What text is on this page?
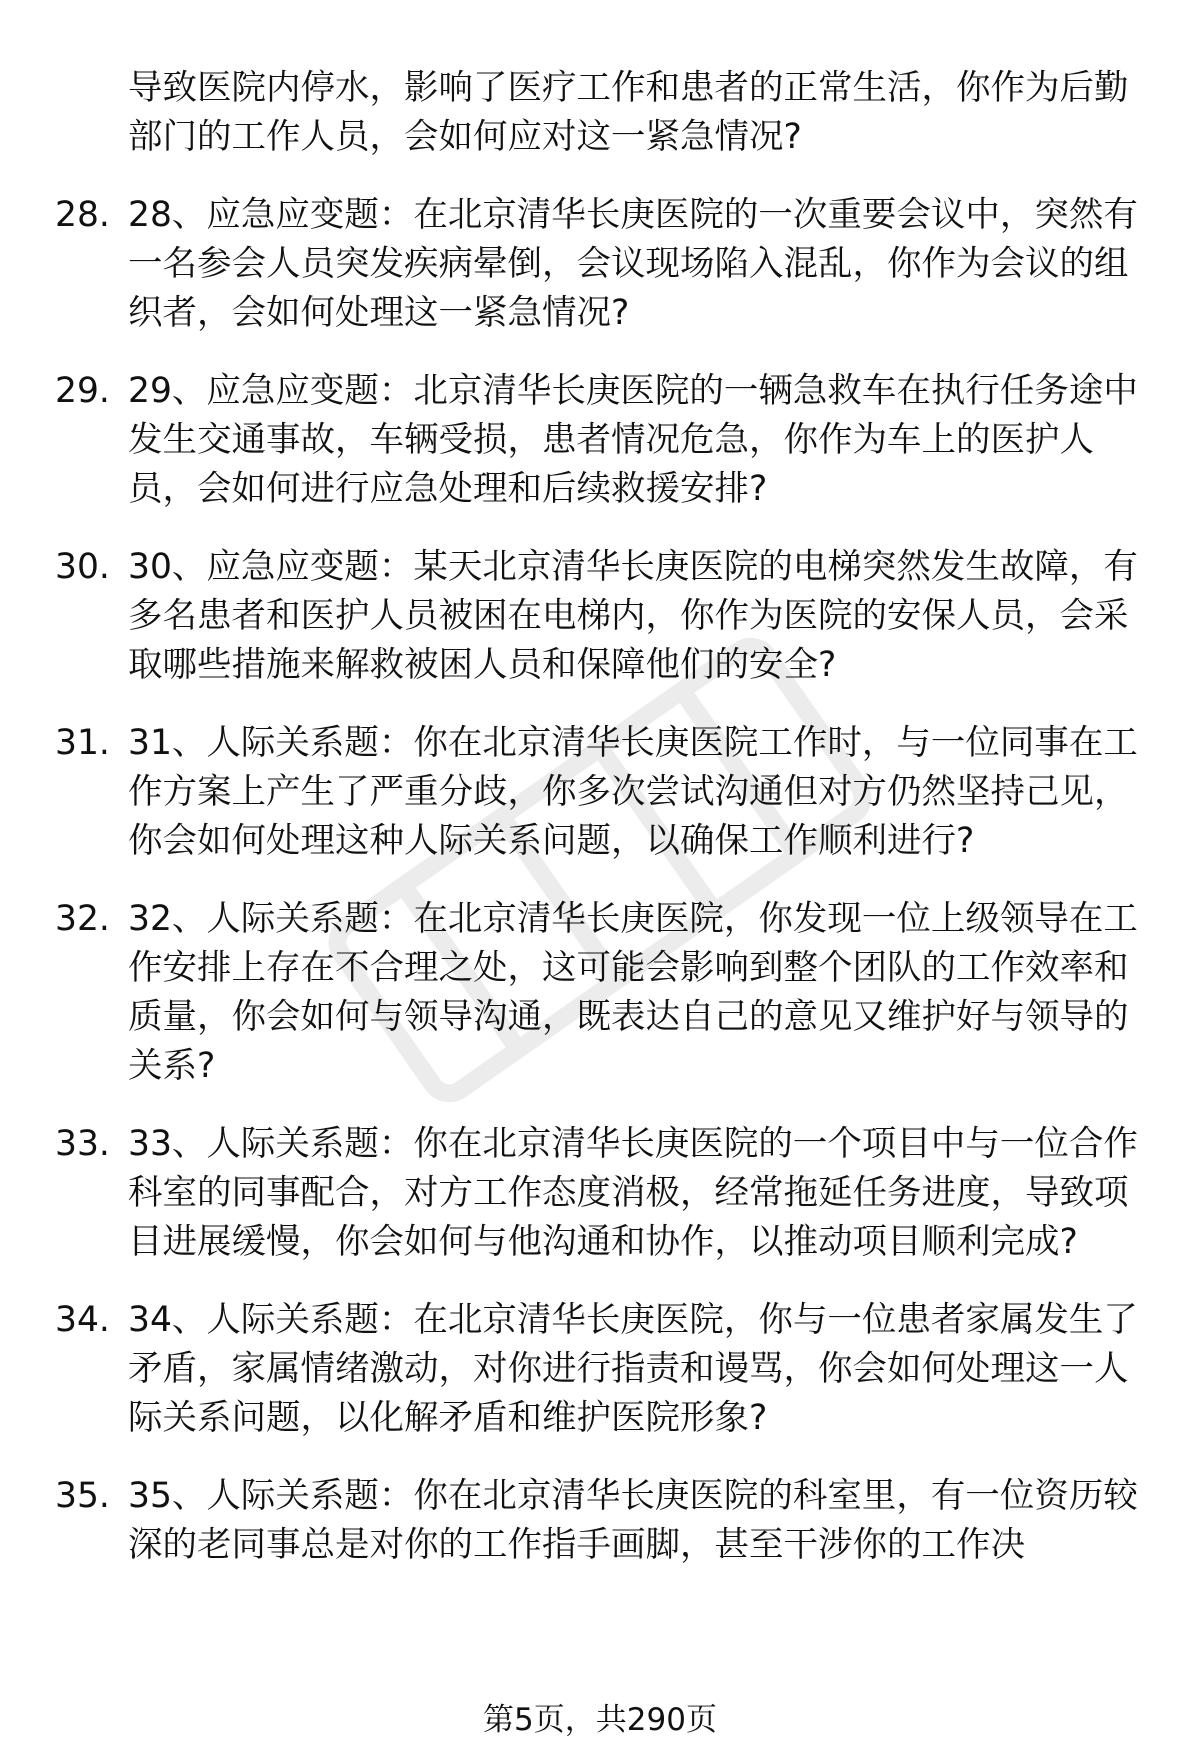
导致医院内停水，影响了医疗工作和患者的正常生活，你作为后勤部门的工作人员，会如何应对这一紧急情况?
28. 28、应急应变题：在北京清华长庚医院的一次重要会议中，突然有一名参会人员突发疾病晕倒，会议现场陷入混乱，你作为会议的组织者，会如何处理这一紧急情况?
29. 29、应急应变题：北京清华长庚医院的一辆急救车在执行任务途中发生交通事故，车辆受损，患者情况危急，你作为车上的医护人员，会如何进行应急处理和后续救援安排?
30. 30、应急应变题：某天北京清华长庚医院的电梯突然发生故障，有多名患者和医护人员被困在电梯内，你作为医院的安保人员，会采取哪些措施来解救被困人员和保障他们的安全?
31. 31、人际关系题：你在北京清华长庚医院工作时，与一位同事在工作方案上产生了严重分歧，你多次尝试沟通但对方仍然坚持己见，你会如何处理这种人际关系问题，以确保工作顺利进行?
32. 32、人际关系题：在北京清华长庚医院，你发现一位上级领导在工作安排上存在不合理之处，这可能会影响到整个团队的工作效率和质量，你会如何与领导沟通，既表达自己的意见又维护好与领导的关系?
33. 33、人际关系题：你在北京清华长庚医院的一个项目中与一位合作科室的同事配合，对方工作态度消极，经常拖延任务进度，导致项目进展缓慢，你会如何与他沟通和协作，以推动项目顺利完成?
34. 34、人际关系题：在北京清华长庚医院，你与一位患者家属发生了矛盾，家属情绪激动，对你进行指责和谩骂，你会如何处理这一人际关系问题，以化解矛盾和维护医院形象?
35. 35、人际关系题：你在北京清华长庚医院的科室里，有一位资历较深的老同事总是对你的工作指手画脚，甚至干涉你的工作决
第5页，共290页
